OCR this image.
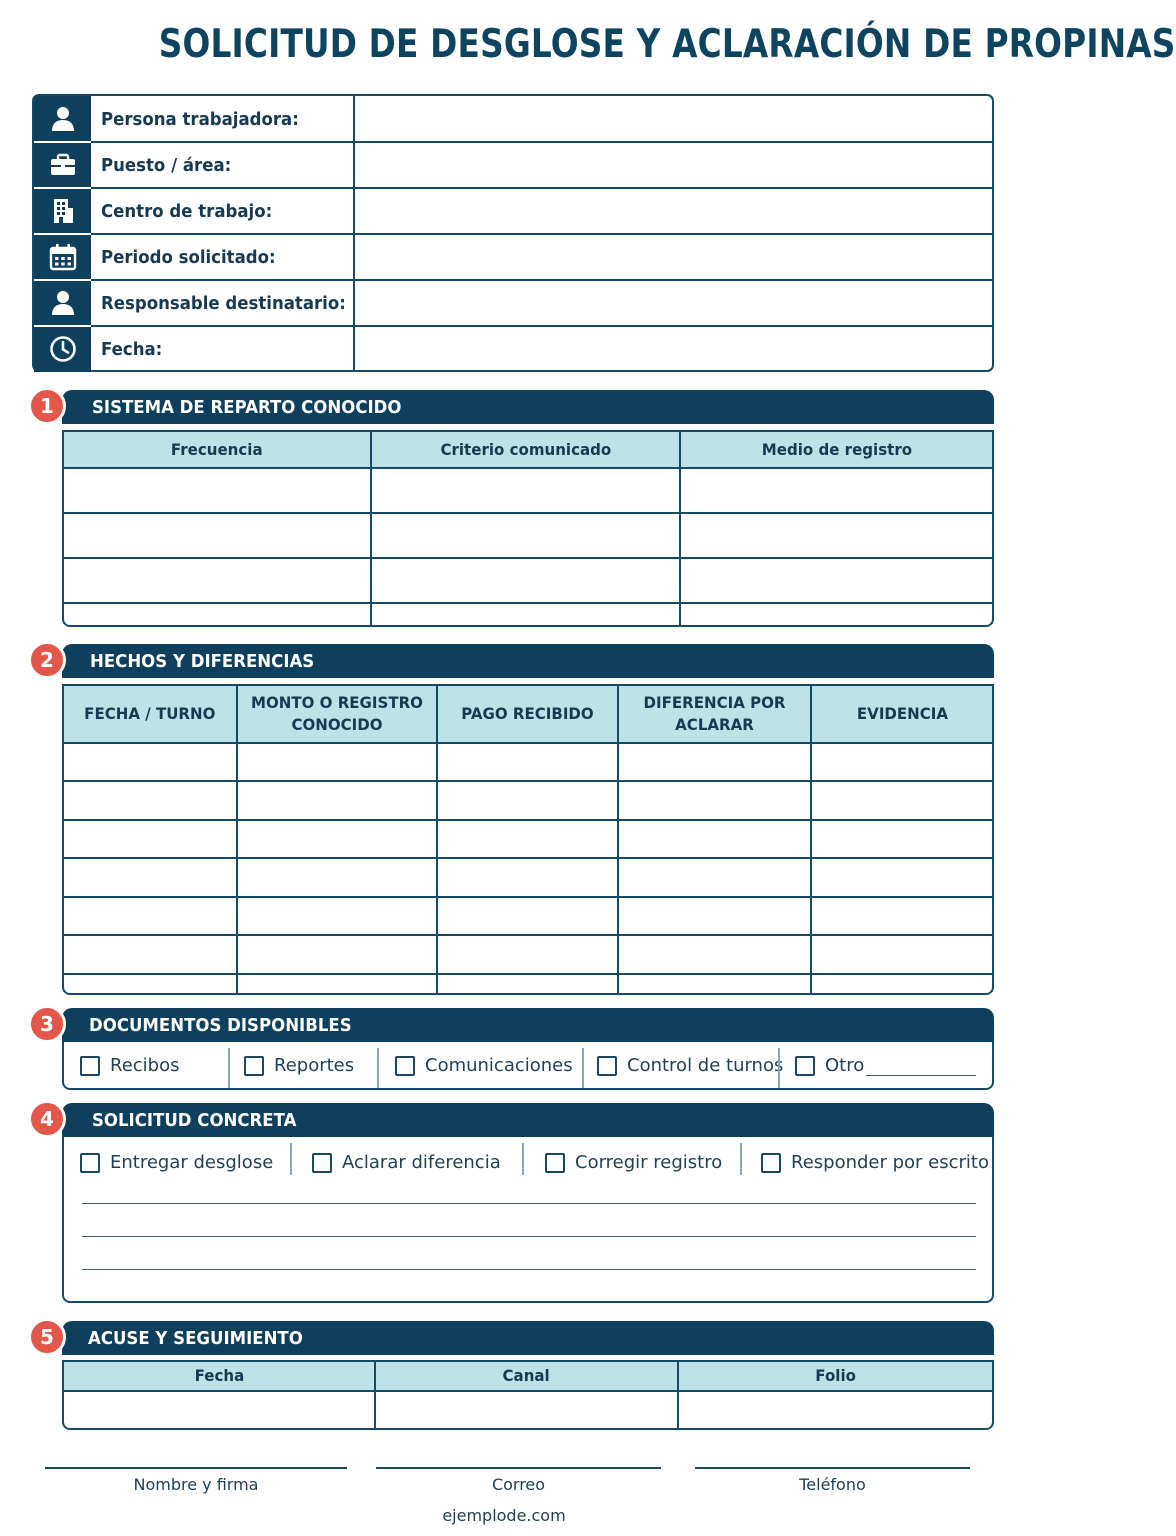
SOLICITUD DE DESGLOSE Y ACLARACIÓN DE PROPINAS
Persona trabajadora:
Puesto / área:
Centro de trabajo:
Periodo solicitado:
Responsable destinatario:
Fecha:
SISTEMA DE REPARTO CONOCIDO
1
Frecuencia	Criterio comunicado	Medio de registro

HECHOS Y DIFERENCIAS
2
FECHA / TURNO	MONTO O REGISTRO CONOCIDO	PAGO RECIBIDO	DIFERENCIA POR ACLARAR	EVIDENCIA

DOCUMENTOS DISPONIBLES
3
Recibos	Reportes	Comunicaciones	Control de turnos Otro
SOLICITUD CONCRETA
4
Entregar desglose	Aclarar diferencia	Corregir registro	Responder por escrito
ACUSE Y SEGUIMIENTO
5
Fecha	Canal	Folio

Nombre y firma	Correo	Teléfono
ejemplode.com
